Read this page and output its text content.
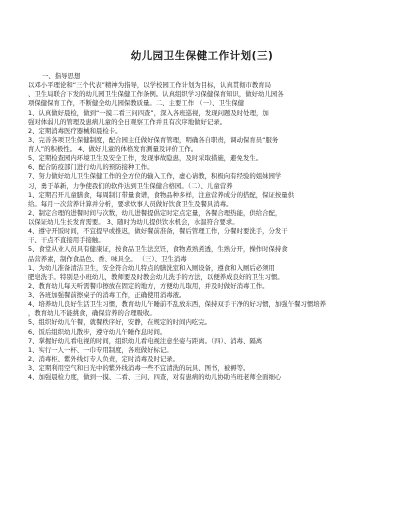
幼儿园卫生保健工作计划(三)

一、指导思想

以邓小平理论和“三个代表”精神为指导，以学校园工作计划为目标，认真贯彻市教育局

、卫生局联合下发的幼儿园卫生保健工作条例。认真组织学习保健保育知识，做好幼儿园各

项保健保育工作，不断健全幼儿园保教质量。二、主要工作 （一）、卫生保健

1、认真做好晨检，做到“一摸二看三问四查”，深入各班巡视，发现问题及时处理，加

强对体弱儿的管理及患病儿童的全日观察工作并且有次序地做好记录。

2、定期消毒医疗器械和晨检卡。

3、完善各项卫生保健制度，配合园主任做好保育管理，明确各自职责，调动保育员“服务

育人”的积极性。 4、做好儿童的体格发育测量及评价工作。

5、定期检查园内环境卫生及安全工作，发现事故隐患，及时采取措施，避免发生。

6、配合防疫部门进行幼儿的预防接种工作。

7、努力做好幼儿卫生保健工作的全方位的输入工作，虚心请教，积极向有经验的姐妹园学

习，勇于革新，力争使我们的软件达到卫生保健合格园。（二）、儿童营养

1、定期召开儿童膳食，每周制订带量食谱，食物品种多样，注意营养成分的搭配，保证按量供

给。每月一次营养计算并分析，要求炊事人员做好饮食卫生及餐具消毒。

2、制定合理的进餐时间与次数，幼儿进餐提倡定时定点定量，各餐合理热能，供给合配，

以保证幼儿生长发育需要。 3、随时为幼儿提供饮水机会，水温符合要求。

4、遵守开饭时间，不宜提早或推迟，做好餐前准备，餐后管理工作，分餐时要洗手，分发干

干、干点不直接用手接触。

5、食堂从业人员具有健康证，按食品卫生法烹饪，食物煮熟煮透，生熟分开，操作时保持食

品营养素，制作食品色、香、味具全。 （三）、卫生消毒

1、为幼儿准备清洁卫生，安全符合幼儿特点的膳洗室和入厕设备，遵食和入厕后必须用

肥皂洗手。特别是小班幼儿，教师要及时教会幼儿洗手的方法，以便养成良好的卫生习惯。

2、教育幼儿每天听需餐巾擦放在固定的地方，方便幼儿取用，并及时做好消毒工作。

3、各班加强餐前擦桌子的消毒工作，正确使用消毒液。

4、培养幼儿良好生活卫生习惯，教育幼儿午睡前不乱放东西，保持双手干净的好习惯，加强午餐习惯培养

，教育幼儿不能挑食，确保营养的合理吸收。

5、组织好幼儿午餐，就餐秩序好，安静，在规定的时间内吃完。

6、饭后组织幼儿散步，遵守幼儿午睡作息时间。

7、掌握好幼儿看电视的时间，组织幼儿看电视注意坐姿与距离。（四）、消毒、隔离

1、实行一人一杯、一巾专用制度，各班做好标记。

2、消毒柜、紫外线灯专人负责，定时消毒及时记录。

3、定期利用空气和日光中的紫外线消毒一些不宜清洗的玩具、图书，被褥等。

4、加强晨检力度，做到一摸、二看、三问、四查，对有患病的幼儿协助当班老师全面细心
